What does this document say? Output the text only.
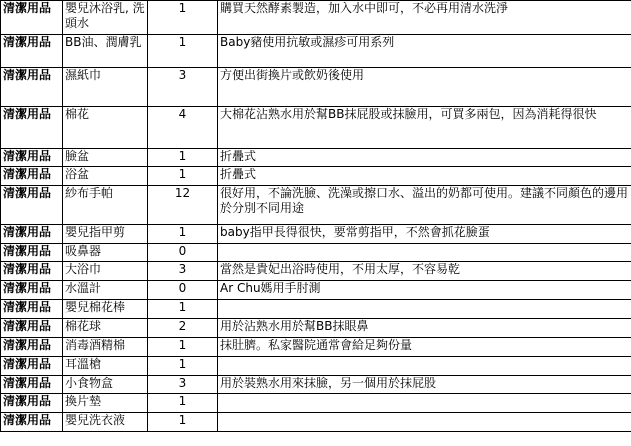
清潔用品	嬰兒沐浴乳, 洗頭水	1	購買天然酵素製造，加入水中即可，不必再用清水洗淨
清潔用品	BB油、潤膚乳	1	Baby豬使用抗敏或濕疹可用系列
清潔用品	濕紙巾	3	方便出街換片或飲奶後使用
清潔用品	棉花	4	大棉花沾熟水用於幫BB抹屁股或抹臉用，可買多兩包，因為消耗得很快
清潔用品	臉盆	1	折疊式
清潔用品	浴盆	1	折疊式
清潔用品	紗布手帕	12	很好用，不論洗臉、洗澡或擦口水、溢出的奶都可使用。建議不同顏色的邊用於分別不同用途
清潔用品	嬰兒指甲剪	1	baby指甲長得很快，要常剪指甲，不然會抓花臉蛋
清潔用品	吸鼻器	0	
清潔用品	大浴巾	3	當然是貴妃出浴時使用，不用太厚，不容易乾
清潔用品	水溫計	0	Ar Chu媽用手肘測
清潔用品	嬰兒棉花棒	1	
清潔用品	棉花球	2	用於沾熟水用於幫BB抹眼鼻
清潔用品	消毒酒精棉	1	抹肚臍。私家醫院通常會給足夠份量
清潔用品	耳溫槍	1	
清潔用品	小食物盒	3	用於裝熟水用來抹臉，另一個用於抹屁股
清潔用品	換片墊	1	
清潔用品	嬰兒洗衣液	1	
